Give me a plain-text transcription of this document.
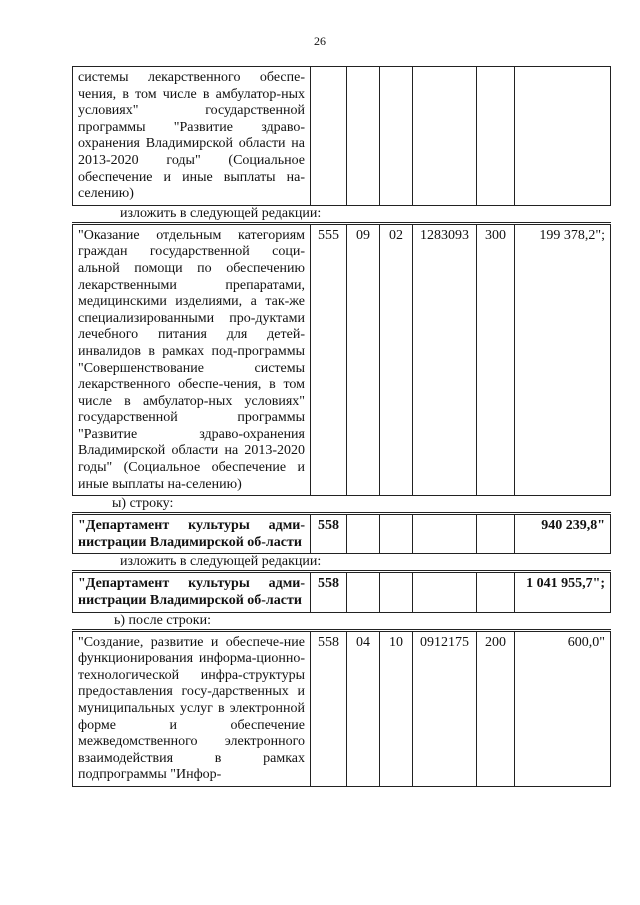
26
системы лекарственного обеспе-чения, в том числе в амбулатор-ных условиях" государственной программы "Развитие здраво-охранения Владимирской области на 2013-2020 годы" (Социальное обеспечение и иные выплаты на-селению)						
изложить в следующей редакции:
"Оказание отдельным категориям граждан государственной соци-альной помощи по обеспечению лекарственными препаратами, медицинскими изделиями, а так-же специализированными про-дуктами лечебного питания для детей-инвалидов в рамках под-программы "Совершенствование системы лекарственного обеспе-чения, в том числе в амбулатор-ных условиях" государственной программы "Развитие здраво-охранения Владимирской области на 2013-2020 годы" (Социальное обеспечение и иные выплаты на-селению)	555	09	02	1283093	300	199 378,2";
ы) строку:
"Департамент культуры адми-нистрации Владимирской об-ласти	558					940 239,8"
изложить в следующей редакции:
"Департамент культуры адми-нистрации Владимирской об-ласти	558					1 041 955,7";
ь) после строки:
"Создание, развитие и обеспече-ние функционирования информа-ционно-технологической инфра-структуры предоставления госу-дарственных и муниципальных услуг в электронной форме и обеспечение межведомственного электронного взаимодействия в рамках подпрограммы "Инфор-	558	04	10	0912175	200	600,0"
